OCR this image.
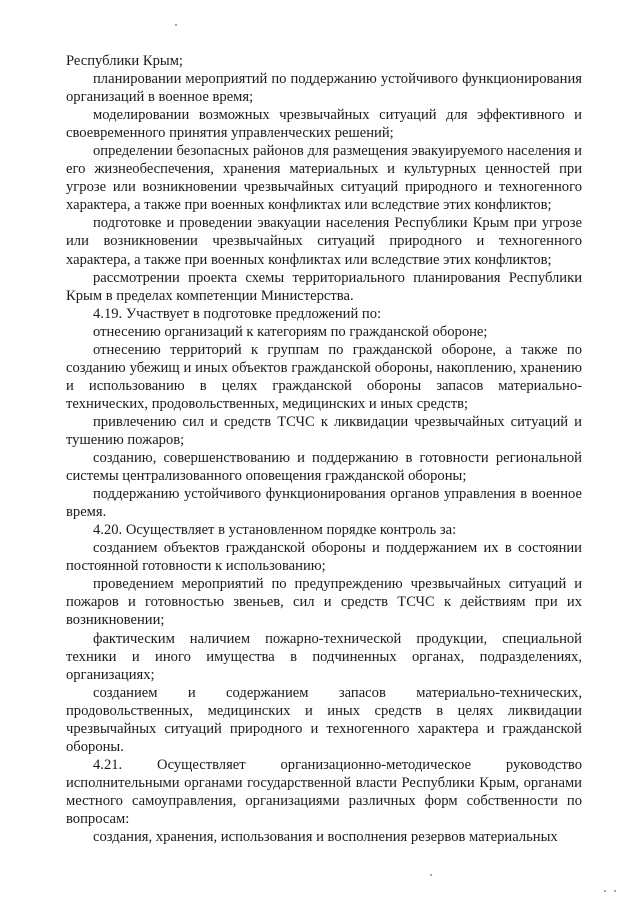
Республики Крым;

планировании мероприятий по поддержанию устойчивого функционирования организаций в военное время;

моделировании возможных чрезвычайных ситуаций для эффективного и своевременного принятия управленческих решений;

определении безопасных районов для размещения эвакуируемого населения и его жизнеобеспечения, хранения материальных и культурных ценностей при угрозе или возникновении чрезвычайных ситуаций природного и техногенного характера, а также при военных конфликтах или вследствие этих конфликтов;

подготовке и проведении эвакуации населения Республики Крым при угрозе или возникновении чрезвычайных ситуаций природного и техногенного характера, а также при военных конфликтах или вследствие этих конфликтов;

рассмотрении проекта схемы территориального планирования Республики Крым в пределах компетенции Министерства.

4.19. Участвует в подготовке предложений по:

отнесению организаций к категориям по гражданской обороне;

отнесению территорий к группам по гражданской обороне, а также по созданию убежищ и иных объектов гражданской обороны, накоплению, хранению и использованию в целях гражданской обороны запасов материально-технических, продовольственных, медицинских и иных средств;

привлечению сил и средств ТСЧС к ликвидации чрезвычайных ситуаций и тушению пожаров;

созданию, совершенствованию и поддержанию в готовности региональной системы централизованного оповещения гражданской обороны;

поддержанию устойчивого функционирования органов управления в военное время.

4.20. Осуществляет в установленном порядке контроль за:

созданием объектов гражданской обороны и поддержанием их в состоянии постоянной готовности к использованию;

проведением мероприятий по предупреждению чрезвычайных ситуаций и пожаров и готовностью звеньев, сил и средств ТСЧС к действиям при их возникновении;

фактическим наличием пожарно-технической продукции, специальной техники и иного имущества в подчиненных органах, подразделениях, организациях;

созданием и содержанием запасов материально-технических, продовольственных, медицинских и иных средств в целях ликвидации чрезвычайных ситуаций природного и техногенного характера и гражданской обороны.

4.21. Осуществляет организационно-методическое руководство исполнительными органами государственной власти Республики Крым, органами местного самоуправления, организациями различных форм собственности по вопросам:

создания, хранения, использования и восполнения резервов материальных
